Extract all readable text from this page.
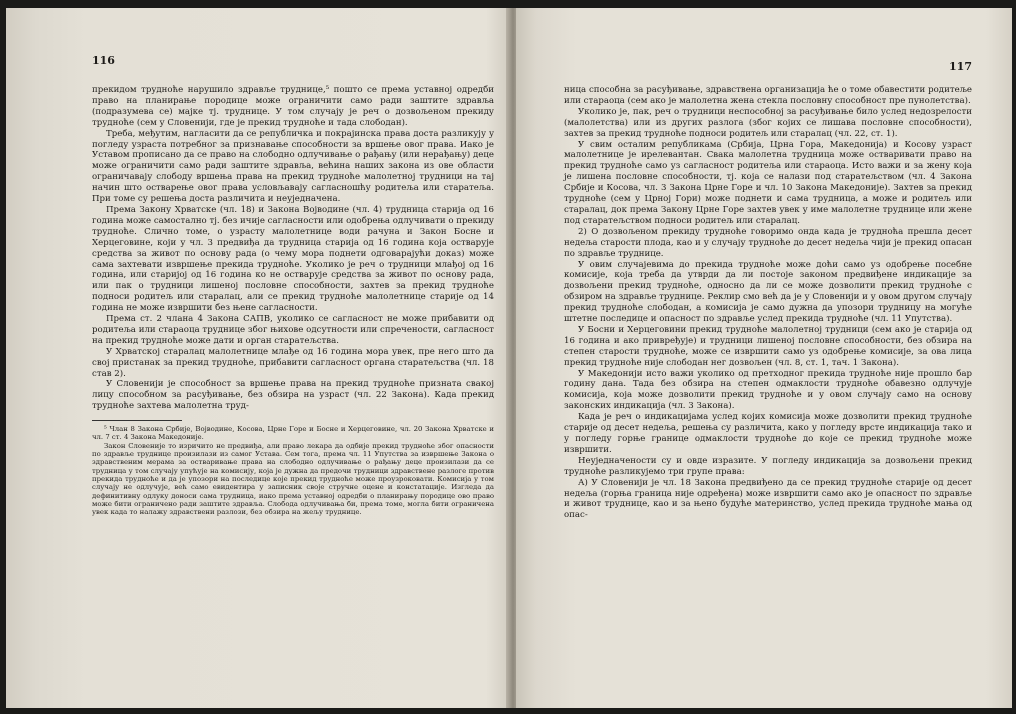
116

прекидом трудноће нарушило здравље труднице,⁵ пошто се према уставној одредби право на планирање породице може ограничити само ради заштите здравља (подразумева се) мајке тј. труднице. У том случају је реч о дозвољеном прекиду трудноће (сем у Словенији, где је прекид трудноће и тада слободан).

Треба, међутим, нагласити да се републичка и покрајинска права доста разликују у погледу узраста потребног за признавање способности за вршење овог права. Иако је Уставом прописано да се право на слободно одлучивање о рађању (или нерађању) деце може ограничити само ради заштите здравља, већина наших закона из ове области ограничавају слободу вршења права на прекид трудноће малолетној трудници на тај начин што остварење овог права условљавају сагласношћу родитеља или старатеља. При томе су решења доста различита и неуједначена.

Према Закону Хрватске (чл. 18) и Закона Војводине (чл. 4) трудница старија од 16 година може самостално тј. без ичије сагласности или одобрења одлучивати о прекиду трудноће. Слично томе, о узрасту малолетнице води рачуна и Закон Босне и Херцеговине, који у чл. 3 предвиђа да трудница старија од 16 година која остварује средства за живот по основу рада (о чему мора поднети одговарајући доказ) може сама захтевати извршење прекида трудноће. Уколико је реч о трудници млађој од 16 година, или старијој од 16 година ко не остварује средства за живот по основу рада, или пак о трудници лишеној пословне способности, захтев за прекид трудноће подноси родитељ или старалац, али се прекид трудноће малолетнице старије од 14 година не може извршити без њене сагласности.

Према ст. 2 члана 4 Закона САПВ, уколико се сагласност не може прибавити од родитеља или стараоца труднице због њихове одсутности или спречености, сагласност на прекид трудноће може дати и орган старатељства.

У Хрватској старалац малолетнице млађе од 16 година мора увек, пре него што да свој пристанак за прекид трудноће, прибавити сагласност органа старатељства (чл. 18 став 2).

У Словенији је способност за вршење права на прекид трудноће призната свакој лицу способном за расуђивање, без обзира на узраст (чл. 22 Закона). Када прекид трудноће захтева малолетна труд-

⁵ Члан 8 Закона Србије, Војводине, Косова, Црне Горе и Босне и Херцеговине, чл. 20 Закона Хрватске и чл. 7 ст. 4 Закона Македоније.

Закон Словеније то изричито не предвиђа, али право лекара да одбије прекид трудноће због опасности по здравље труднице произилази из самог Устава. Сем тога, према чл. 11 Упутства за извршење Закона о здравственим мерама за остваривање права на слободно одлучивање о рађању деце произилази да се трудница у том случају упућује на комисију, која је дужна да предочи трудници здравствене разлоге против прекида трудноће и да је упозори на последице које прекид трудноће може проузроковати. Комисија у том случају не одлучује, већ само евидентира у записник своје стручне оцене и констатације. Изгледа да дефинитивну одлуку доноси сама трудница, иако према уставној одредби о планирању породице ово право може бити ограничено ради заштите здравља. Слобода одлучивања би, према томе, могла бити ограничена увек када то налажу здравствени разлози, без обзира на жељу труднице.

117

ница способна за расуђивање, здравствена организација ће о томе обавестити родитеље или стараоца (сем ако је малолетна жена стекла пословну способност пре пунолетства).

Уколико је, пак, реч о трудници неспособној за расуђивање било услед недозрелости (малолетства) или из других разлога (због којих се лишава пословне способности), захтев за прекид трудноће подноси родитељ или старалац (чл. 22, ст. 1).

У свим осталим републикама (Србија, Црна Гора, Македонија) и Косову узраст малолетнице је ирелевантан. Свака малолетна трудница може остваривати право на прекид трудноће само уз сагласност родитеља или стараоца. Исто важи и за жену која је лишена пословне способности, тј. која се налази под старатељством (чл. 4 Закона Србије и Косова, чл. 3 Закона Црне Горе и чл. 10 Закона Македоније). Захтев за прекид трудноће (сем у Црној Гори) може поднети и сама трудница, а може и родитељ или старалац, док према Закону Црне Горе захтев увек у име малолетне труднице или жене под старатељством подноси родитељ или старалац.

2) О дозвољеном прекиду трудноће говоримо онда када је трудноћа прешла десет недеља старости плода, као и у случају трудноће до десет недеља чији је прекид опасан по здравље труднице.

У овим случајевима до прекида трудноће може доћи само уз одобрење посебне комисије, која треба да утврди да ли постоје законом предвиђене индикације за дозвољени прекид трудноће, односно да ли се може дозволити прекид трудноће с обзиром на здравље труднице. Реклир смо већ да је у Словенији и у овом другом случају прекид трудноће слободан, а комисија је само дужна да упозори трудницу на могуће штетне последице и опасност по здравље услед прекида трудноће (чл. 11 Упутства).

У Босни и Херцеговини прекид трудноће малолетној трудници (сем ако је старија од 16 година и ако привређује) и трудници лишеној пословне способности, без обзира на степен старости трудноће, може се извршити само уз одобрење комисије, за ова лица прекид трудноће није слободан нег дозвољен (чл. 8, ст. 1, тач. 1 Закона).

У Македонији исто важи уколико од претходног прекида трудноће није прошло бар годину дана. Тада без обзира на степен одмаклости трудноће обавезно одлучује комисија, која може дозволити прекид трудноће и у овом случају само на основу законских индикација (чл. 3 Закона).

Када је реч о индикацијама услед којих комисија може дозволити прекид трудноће старије од десет недеља, решења су различита, како у погледу врсте индикација тако и у погледу горње границе одмаклости трудноће до које се прекид трудноће може извршити.

Неуједначености су и овде изразите. У погледу индикација за дозвољени прекид трудноће разликујемо три групе права:

А) У Словенији је чл. 18 Закона предвиђено да се прекид трудноће старије од десет недеља (горња граница није одређена) може извршити само ако је опасност по здравље и живот труднице, као и за њено будуће материнство, услед прекида трудноће мања од опас-
